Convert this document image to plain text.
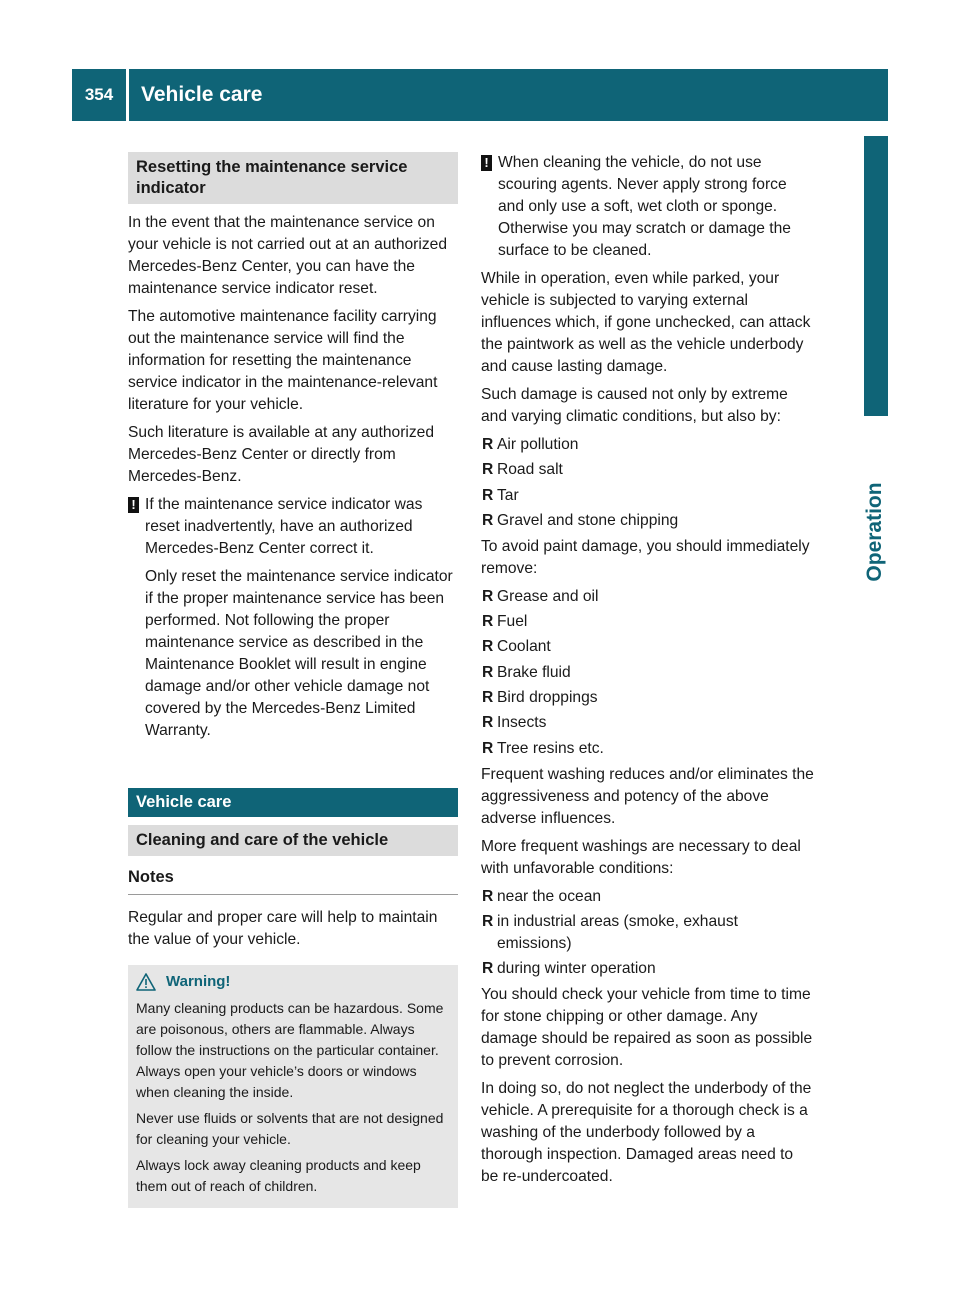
354	Vehicle care
Operation
Resetting the maintenance service indicator

In the event that the maintenance service on your vehicle is not carried out at an authorized Mercedes-Benz Center, you can have the maintenance service indicator reset.

The automotive maintenance facility carrying out the maintenance service will find the information for resetting the maintenance service indicator in the maintenance-relevant literature for your vehicle.

Such literature is available at any authorized Mercedes-Benz Center or directly from Mercedes-Benz.

! If the maintenance service indicator was reset inadvertently, have an authorized Mercedes-Benz Center correct it.

Only reset the maintenance service indicator if the proper maintenance service has been performed. Not following the proper maintenance service as described in the Maintenance Booklet will result in engine damage and/or other vehicle damage not covered by the Mercedes-Benz Limited Warranty.

Vehicle care
Cleaning and care of the vehicle
Notes

Regular and proper care will help to maintain the value of your vehicle.

Warning!

Many cleaning products can be hazardous. Some are poisonous, others are flammable. Always follow the instructions on the particular container. Always open your vehicle’s doors or windows when cleaning the inside.

Never use fluids or solvents that are not designed for cleaning your vehicle.

Always lock away cleaning products and keep them out of reach of children.

! When cleaning the vehicle, do not use scouring agents. Never apply strong force and only use a soft, wet cloth or sponge. Otherwise you may scratch or damage the surface to be cleaned.

While in operation, even while parked, your vehicle is subjected to varying external influences which, if gone unchecked, can attack the paintwork as well as the vehicle underbody and cause lasting damage.

Such damage is caused not only by extreme and varying climatic conditions, but also by:

R Air pollution
R Road salt
R Tar
R Gravel and stone chipping

To avoid paint damage, you should immediately remove:

R Grease and oil
R Fuel
R Coolant
R Brake fluid
R Bird droppings
R Insects
R Tree resins etc.

Frequent washing reduces and/or eliminates the aggressiveness and potency of the above adverse influences.

More frequent washings are necessary to deal with unfavorable conditions:

R near the ocean
R in industrial areas (smoke, exhaust emissions)
R during winter operation

You should check your vehicle from time to time for stone chipping or other damage. Any damage should be repaired as soon as possible to prevent corrosion.

In doing so, do not neglect the underbody of the vehicle. A prerequisite for a thorough check is a washing of the underbody followed by a thorough inspection. Damaged areas need to be re-undercoated.
